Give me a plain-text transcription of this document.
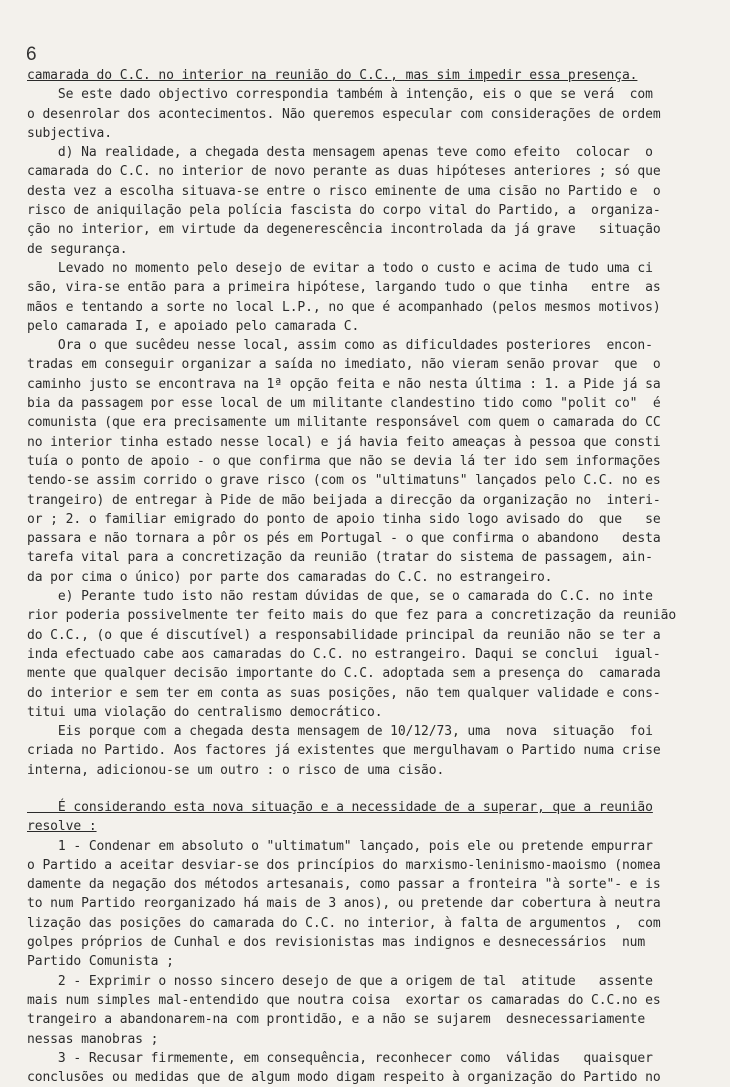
6
camarada do C.C. no interior na reunião do C.C., mas sim impedir essa presença.
Se este dado objectivo correspondia também à intenção, eis o que se verá  com
o desenrolar dos acontecimentos. Não queremos especular com considerações de ordem
subjectiva.
d) Na realidade, a chegada desta mensagem apenas teve como efeito  colocar  o
camarada do C.C. no interior de novo perante as duas hipóteses anteriores ; só que
desta vez a escolha situava-se entre o risco eminente de uma cisão no Partido e  o
risco de aniquilação pela polícia fascista do corpo vital do Partido, a  organiza-
ção no interior, em virtude da degenerescência incontrolada da já grave   situação
de segurança.
Levado no momento pelo desejo de evitar a todo o custo e acima de tudo uma ci
são, vira-se então para a primeira hipótese, largando tudo o que tinha   entre  as
mãos e tentando a sorte no local L.P., no que é acompanhado (pelos mesmos motivos)
pelo camarada I, e apoiado pelo camarada C.
Ora o que sucêdeu nesse local, assim como as dificuldades posteriores  encon-
tradas em conseguir organizar a saída no imediato, não vieram senão provar  que  o
caminho justo se encontrava na 1ª opção feita e não nesta última : 1. a Pide já sa
bia da passagem por esse local de um militante clandestino tido como "polit co"  é
comunista (que era precisamente um militante responsável com quem o camarada do CC
no interior tinha estado nesse local) e já havia feito ameaças à pessoa que consti
tuía o ponto de apoio - o que confirma que não se devia lá ter ido sem informações
tendo-se assim corrido o grave risco (com os "ultimatuns" lançados pelo C.C. no es
trangeiro) de entregar à Pide de mão beijada a direcção da organização no  interi-
or ; 2. o familiar emigrado do ponto de apoio tinha sido logo avisado do  que   se
passara e não tornara a pôr os pés em Portugal - o que confirma o abandono   desta
tarefa vital para a concretização da reunião (tratar do sistema de passagem, ain-
da por cima o único) por parte dos camaradas do C.C. no estrangeiro.
e) Perante tudo isto não restam dúvidas de que, se o camarada do C.C. no inte
rior poderia possivelmente ter feito mais do que fez para a concretização da reunião
do C.C., (o que é discutível) a responsabilidade principal da reunião não se ter a
inda efectuado cabe aos camaradas do C.C. no estrangeiro. Daqui se conclui  igual-
mente que qualquer decisão importante do C.C. adoptada sem a presença do  camarada
do interior e sem ter em conta as suas posições, não tem qualquer validade e cons-
titui uma violação do centralismo democrático.
Eis porque com a chegada desta mensagem de 10/12/73, uma  nova  situação  foi
criada no Partido. Aos factores já existentes que mergulhavam o Partido numa crise
interna, adicionou-se um outro : o risco de uma cisão.
É considerando esta nova situação e a necessidade de a superar, que a reunião
resolve :
1 - Condenar em absoluto o "ultimatum" lançado, pois ele ou pretende empurrar
o Partido a aceitar desviar-se dos princípios do marxismo-leninismo-maoismo (nomea
damente da negação dos métodos artesanais, como passar a fronteira "à sorte"- e is
to num Partido reorganizado há mais de 3 anos), ou pretende dar cobertura à neutra
lização das posições do camarada do C.C. no interior, à falta de argumentos ,  com
golpes próprios de Cunhal e dos revisionistas mas indignos e desnecessários  num
Partido Comunista ;
2 - Exprimir o nosso sincero desejo de que a origem de tal  atitude   assente
mais num simples mal-entendido que noutra coisa  exortar os camaradas do C.C.no es
trangeiro a abandonarem-na com prontidão, e a não se sujarem  desnecessariamente
nessas manobras ;
3 - Recusar firmemente, em consequência, reconhecer como  válidas   quaisquer
conclusões ou medidas que de algum modo digam respeito à organização do Partido no
